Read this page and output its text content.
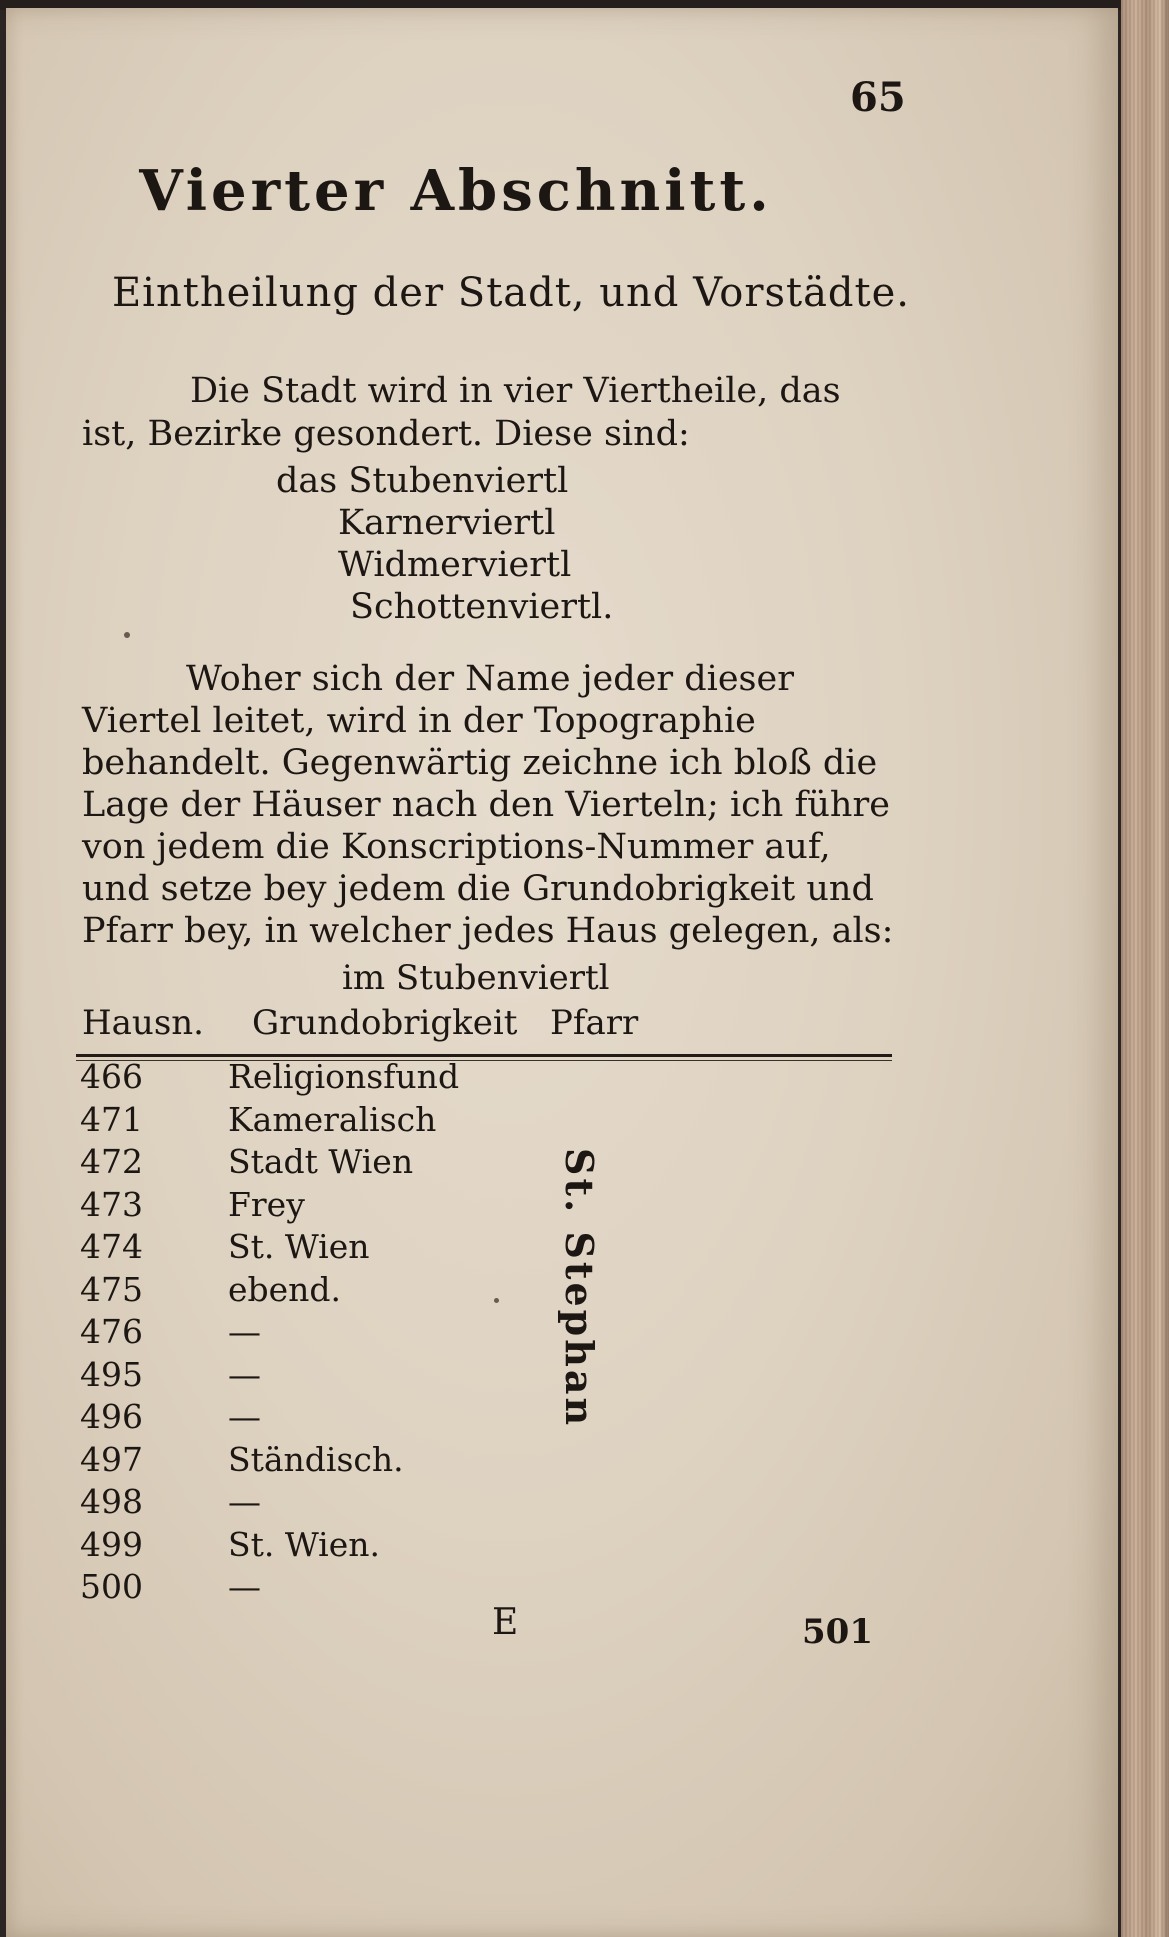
65
Vierter Abschnitt.
Eintheilung der Stadt, und Vorstädte.

Die Stadt wird in vier Viertheile, das ist, Bezirke gesondert. Diese sind:

das Stubenviertl
Karnerviertl
Widmerviertl
Schottenviertl.

Woher sich der Name jeder dieser Viertel leitet, wird in der Topographie behandelt. Gegenwärtig zeichne ich bloß die Lage der Häuser nach den Vierteln; ich führe von jedem die Konscriptions-Nummer auf, und setze bey jedem die Grundobrigkeit und Pfarr bey, in welcher jedes Haus gelegen, als:

im Stubenviertl
Hausn. Grundobrigkeit Pfarr
466	Religionsfund
471	Kameralisch
472	Stadt Wien
473	Frey
474	St. Wien
475	ebend.
476	—
495	—
496	—
497	Ständisch.
498	—
499	St. Wien.
500	—
St. Stephan
E	501
